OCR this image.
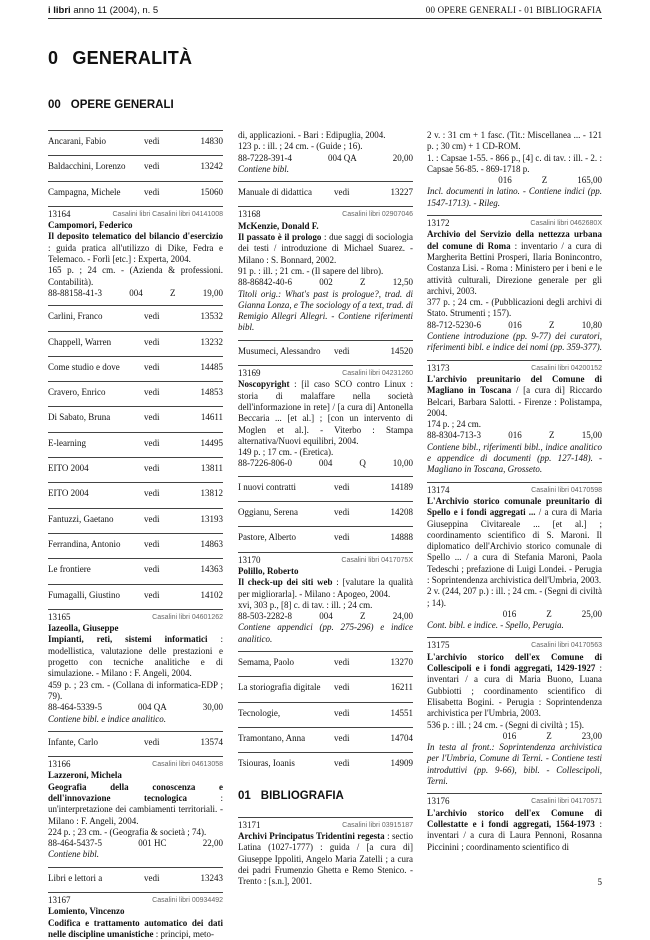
i libri anno 11 (2004), n. 5	00 OPERE GENERALI - 01 BIBLIOGRAFIA
0 GENERALITÀ
00 OPERE GENERALI
Ancarani, Fabio	vedi	14830
Baldacchini, Lorenzo	vedi	13242
Campagna, Michele	vedi	15060
13164	Casalini libri Casalini libri 04141008
Campomori, Federico
Il deposito telematico del bilancio d'esercizio : guida pratica all'utilizzo di Dike, Fedra e Telemaco. - Forlì [etc.] : Experta, 2004.
165 p. ; 24 cm. - (Azienda & professioni. Contabilità).
88-88158-41-3	004	Z	19,00
Carlini, Franco	vedi	13532
Chappell, Warren	vedi	13232
Come studio e dove	vedi	14485
Cravero, Enrico	vedi	14853
Di Sabato, Bruna	vedi	14611
E-learning	vedi	14495
EITO 2004	vedi	13811
EITO 2004	vedi	13812
Fantuzzi, Gaetano	vedi	13193
Ferrandina, Antonio	vedi	14863
Le frontiere	vedi	14363
Fumagalli, Giustino	vedi	14102
13165	Casalini libri 04601262
Iazeolla, Giuseppe
Impianti, reti, sistemi informatici : modellistica, valutazione delle prestazioni e progetto con tecniche analitiche e di simulazione. - Milano : F. Angeli, 2004.
459 p. ; 23 cm. - (Collana di informatica-EDP ; 79).
88-464-5339-5	004 QA	30,00
Contiene bibl. e indice analitico.
Infante, Carlo	vedi	13574
13166	Casalini libri 04613058
Lazzeroni, Michela
Geografia della conoscenza e dell'innovazione tecnologica	: un'interpretazione dei cambiamenti territoriali. - Milano : F. Angeli, 2004.
224 p. ; 23 cm. - (Geografia & società ; 74).
88-464-5437-5	001 HC	22,00
Contiene bibl.
Libri e lettori a	vedi	13243
13167	Casalini libri 00934492
Lomiento, Vincenzo
Codifica e trattamento automatico dei dati nelle discipline umanistiche : principi, meto-
di, applicazioni. - Bari : Edipuglia, 2004.
123 p. : ill. ; 24 cm. - (Guide ; 16).
88-7228-391-4	004 QA	20,00
Contiene bibl.
Manuale di didattica	vedi	13227
13168	Casalini libri 02907046
McKenzie, Donald F.
Il passato è il prologo : due saggi di sociologia dei testi / introduzione di Michael Suarez. - Milano : S. Bonnard, 2002.
91 p. : ill. ; 21 cm. - (Il sapere del libro).
88-86842-40-6	002	Z	12,50
Titoli orig.: What's past is prologue?, trad. di Gianna Lonza, e The sociology of a text, trad. di Remigio Allegri Allegri. - Contiene riferimenti bibl.
Musumeci, Alessandro	vedi	14520
13169	Casalini libri 04231260
Noscopyright : [il caso SCO contro Linux : storia di malaffare nella società dell'informazione in rete] / [a cura di] Antonella Beccaria ... [et al.] ; [con un intervento di Moglen et al.]. - Viterbo : Stampa alternativa/Nuovi equilibri, 2004.
149 p. ; 17 cm. - (Eretica).
88-7226-806-0	004	Q	10,00
I nuovi contratti	vedi	14189
Oggianu, Serena	vedi	14208
Pastore, Alberto	vedi	14888
13170	Casalini libri 0417075X
Polillo, Roberto
Il check-up dei siti web : [valutare la qualità per migliorarla]. - Milano : Apogeo, 2004.
xvi, 303 p., [8] c. di tav. : ill. ; 24 cm.
88-503-2282-8	004	Z	24,00
Contiene appendici (pp. 275-296) e indice analitico.
Semama, Paolo	vedi	13270
La storiografia digitale	vedi	16211
Tecnologie,	vedi	14551
Tramontano, Anna	vedi	14704
Tsiouras, Ioanis	vedi	14909
01 BIBLIOGRAFIA
13171	Casalini libri 03915187
Archivi Principatus Tridentini regesta : sectio Latina (1027-1777) : guida / [a cura di] Giuseppe Ippoliti, Angelo Maria Zatelli ; a cura dei padri Frumenzio Ghetta e Remo Stenico. - Trento : [s.n.], 2001.
2 v. : 31 cm + 1 fasc. (Tit.: Miscellanea ... - 121 p. ; 30 cm) + 1 CD-ROM.
1. : Capsae 1-55. - 866 p., [4] c. di tav. : ill. - 2. : Capsae 56-85. - 869-1718 p.
016	Z	165,00
Incl. documenti in latino. - Contiene indici (pp. 1547-1713). - Rileg.
13172	Casalini libri 0462680X
Archivio del Servizio della nettezza urbana del comune di Roma : inventario / a cura di Margherita Bettini Prosperi, Ilaria Bonincontro, Costanza Lisi. - Roma : Ministero per i beni e le attività culturali, Direzione generale per gli archivi, 2003.
377 p. ; 24 cm. - (Pubblicazioni degli archivi di Stato. Strumenti ; 157).
88-712-5230-6	016	Z	10,80
Contiene introduzione (pp. 9-77) dei curatori, riferimenti bibl. e indice dei nomi (pp. 359-377).
13173	Casalini libri 04200152
L'archivio preunitario del Comune di Magliano in Toscana / [a cura di] Riccardo Belcari, Barbara Salotti. - Firenze : Polistampa, 2004.
174 p. ; 24 cm.
88-8304-713-3	016	Z	15,00
Contiene bibl., riferimenti bibl., indice analitico e appendice di documenti (pp. 127-148). - Magliano in Toscana, Grosseto.
13174	Casalini libri 04170598
L'Archivio storico comunale preunitario di Spello e i fondi aggregati ... / a cura di Maria Giuseppina Civitareale ... [et al.] ; coordinamento scientifico di S. Maroni. Il diplomatico dell'Archivio storico comunale di Spello ... / a cura di Stefania Maroni, Paola Tedeschi ; prefazione di Luigi Londei. - Perugia : Soprintendenza archivistica dell'Umbria, 2003.
2 v. (244, 207 p.) : ill. ; 24 cm. - (Segni di civiltà ; 14).
016	Z	25,00
Cont. bibl. e indice. - Spello, Perugia.
13175	Casalini libri 04170563
L'archivio storico dell'ex Comune di Collescipoli e i fondi aggregati, 1429-1927 : inventari / a cura di Maria Buono, Luana Gubbiotti ; coordinamento scientifico di Elisabetta Bogini. - Perugia : Soprintendenza archivistica per l'Umbria, 2003.
536 p. : ill. ; 24 cm. - (Segni di civiltà ; 15).
016	Z	23,00
In testa al front.: Soprintendenza archivistica per l'Umbria, Comune di Terni. - Contiene testi introduttivi (pp. 9-66), bibl. - Collescipoli, Terni.
13176	Casalini libri 04170571
L'archivio storico dell'ex Comune di Collestatte e i fondi aggregati, 1564-1973 : inventari / a cura di Laura Pennoni, Rosanna Piccinini ; coordinamento scientifico di
5
